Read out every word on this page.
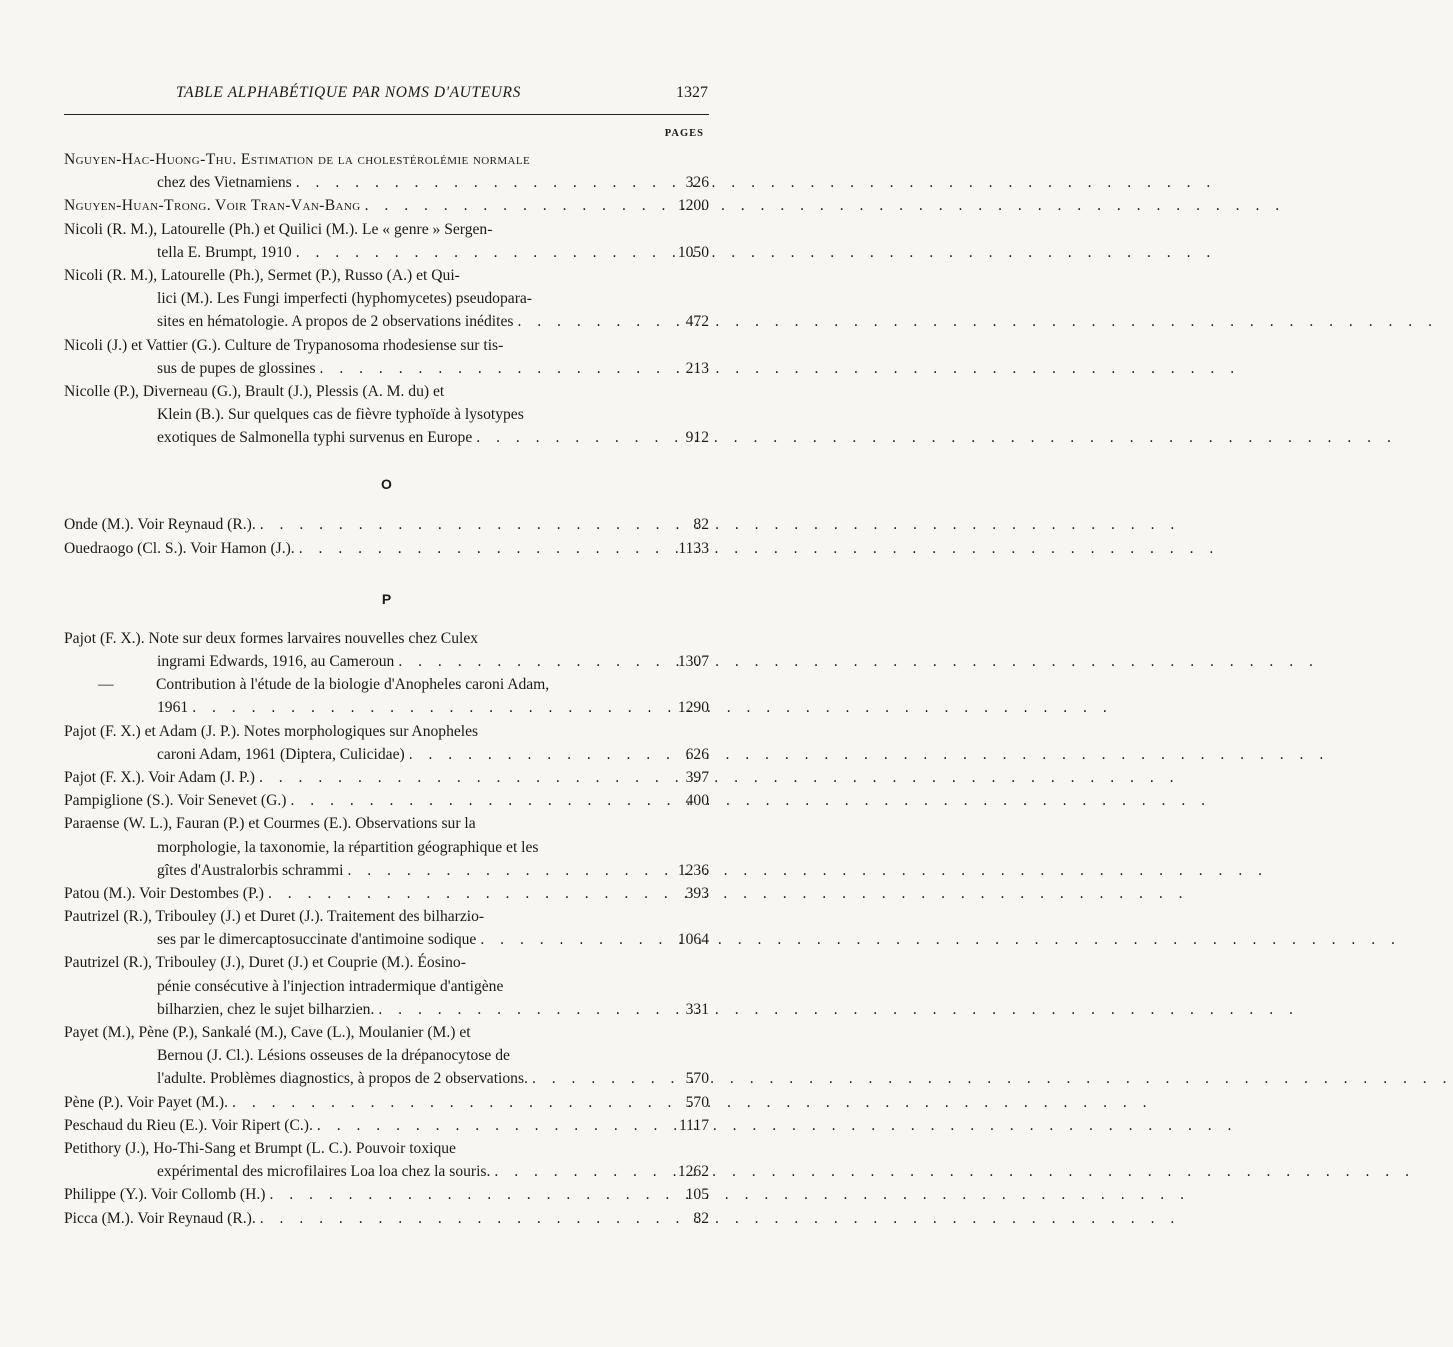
TABLE ALPHABÉTIQUE PAR NOMS D'AUTEURS	1327
PAGES
Nguyen-Hac-Huong-Thu. Estimation de la cholestérolémie normale
chez des Vietnamiens . . .	326
Nguyen-Huan-Trong. Voir Tran-Van-Bang . . .	1200
Nicoli (R. M.), Latourelle (Ph.) et Quilici (M.). Le « genre » Sergen-
tella E. Brumpt, 1910 . . .	1050
Nicoli (R. M.), Latourelle (Ph.), Sermet (P.), Russo (A.) et Qui-
lici (M.). Les Fungi imperfecti (hyphomycetes) pseudopara-
sites en hématologie. A propos de 2 observations inédites . . .	472
Nicoli (J.) et Vattier (G.). Culture de Trypanosoma rhodesiense sur tis-
sus de pupes de glossines . . .	213
Nicolle (P.), Diverneau (G.), Brault (J.), Plessis (A. M. du) et
Klein (B.). Sur quelques cas de fièvre typhoïde à lysotypes
exotiques de Salmonella typhi survenus en Europe . . .	912
O
Onde (M.). Voir Reynaud (R.). . . .	82
Ouedraogo (Cl. S.). Voir Hamon (J.). . . .	1133
P
Pajot (F. X.). Note sur deux formes larvaires nouvelles chez Culex
ingrami Edwards, 1916, au Cameroun . . .	1307
—	Contribution à l'étude de la biologie d'Anopheles caroni Adam,
1961 . . .	1290
Pajot (F. X.) et Adam (J. P.). Notes morphologiques sur Anopheles
caroni Adam, 1961 (Diptera, Culicidae) . . .	626
Pajot (F. X.). Voir Adam (J. P.) . . .	397
Pampiglione (S.). Voir Senevet (G.) . . .	400
Paraense (W. L.), Fauran (P.) et Courmes (E.). Observations sur la
morphologie, la taxonomie, la répartition géographique et les
gîtes d'Australorbis schrammi . . .	1236
Patou (M.). Voir Destombes (P.) . . .	393
Pautrizel (R.), Tribouley (J.) et Duret (J.). Traitement des bilharzio-
ses par le dimercaptosuccinate d'antimoine sodique . . .	1064
Pautrizel (R.), Tribouley (J.), Duret (J.) et Couprie (M.). Éosino-
pénie consécutive à l'injection intradermique d'antigène
bilharzien, chez le sujet bilharzien. . . .	331
Payet (M.), Pène (P.), Sankalé (M.), Cave (L.), Moulanier (M.) et
Bernou (J. Cl.). Lésions osseuses de la drépanocytose de
l'adulte. Problèmes diagnostics, à propos de 2 observations. . . .	570
Pène (P.). Voir Payet (M.). . . .	570
Peschaud du Rieu (E.). Voir Ripert (C.). . . .	1117
Petithory (J.), Ho-Thi-Sang et Brumpt (L. C.). Pouvoir toxique
expérimental des microfilaires Loa loa chez la souris. . . .	1262
Philippe (Y.). Voir Collomb (H.) . . .	105
Picca (M.). Voir Reynaud (R.). . . .	82
